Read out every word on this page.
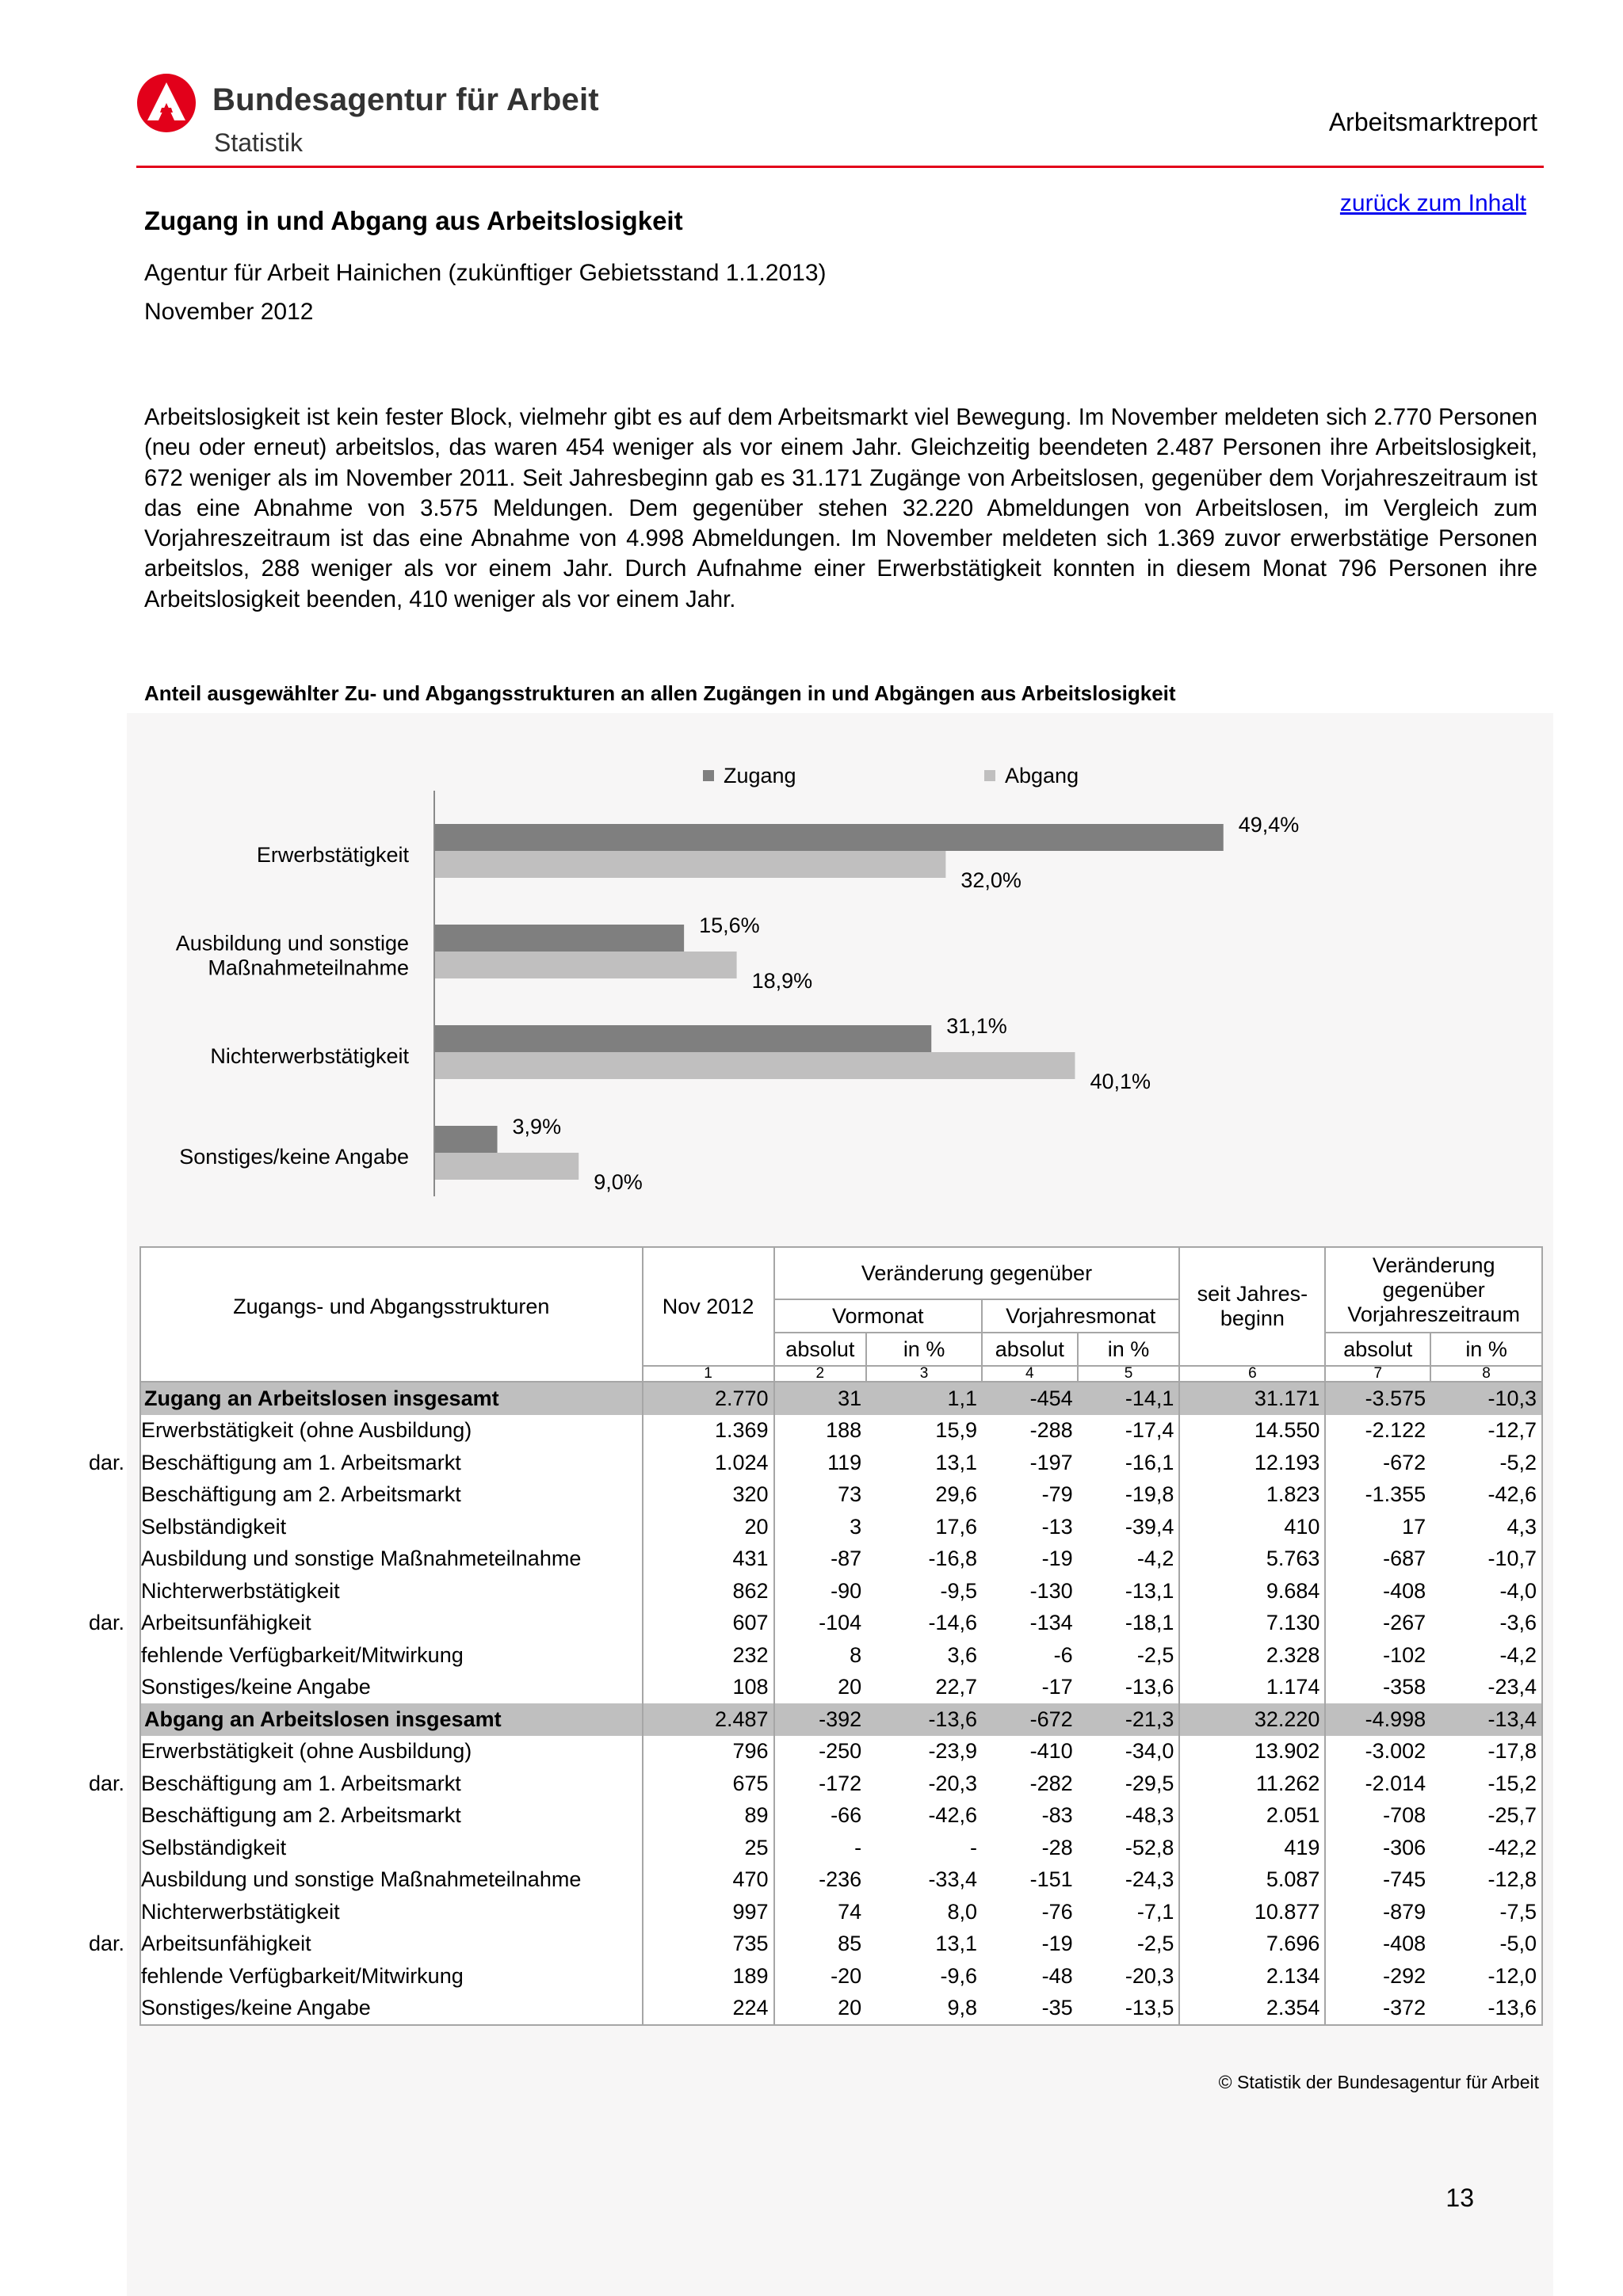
Bundesagentur für Arbeit
Statistik
Arbeitsmarktreport
zurück zum Inhalt
Zugang in und Abgang aus Arbeitslosigkeit
Agentur für Arbeit Hainichen (zukünftiger Gebietsstand 1.1.2013)
November 2012
Arbeitslosigkeit ist kein fester Block, vielmehr gibt es auf dem Arbeitsmarkt viel Bewegung. Im November meldeten sich 2.770 Personen (neu oder erneut) arbeitslos, das waren 454 weniger als vor einem Jahr. Gleichzeitig beendeten 2.487 Personen ihre Arbeitslosigkeit, 672 weniger als im November 2011. Seit Jahresbeginn gab es 31.171 Zugänge von Arbeitslosen, gegenüber dem Vorjahreszeitraum ist das eine Abnahme von 3.575 Meldungen. Dem gegenüber stehen 32.220 Abmeldungen von Arbeitslosen, im Vergleich zum Vorjahreszeitraum ist das eine Abnahme von 4.998 Abmeldungen. Im November meldeten sich 1.369 zuvor erwerbstätige Personen arbeitslos, 288 weniger als vor einem Jahr. Durch Aufnahme einer Erwerbstätigkeit konnten in diesem Monat 796 Personen ihre Arbeitslosigkeit beenden, 410 weniger als vor einem Jahr.
Anteil ausgewählter Zu- und Abgangsstrukturen an allen Zugängen in und Abgängen aus Arbeitslosigkeit
Zugang	Abgang
Erwerbstätigkeit
49,4%
32,0%
Ausbildung und sonstige
Maßnahmeteilnahme
15,6%
18,9%
Nichterwerbstätigkeit
31,1%
40,1%
Sonstiges/keine Angabe
3,9%
9,0%
Zugangs- und Abgangsstrukturen	Nov 2012	Veränderung gegenüber				seit Jahres-beginn	Veränderung gegenüber Vorjahreszeitraum	
		Vormonat		Vorjahresmonat				
		absolut	in %	absolut	in %		absolut	in %
	1	2	3	4	5	6	7	8
Zugang an Arbeitslosen insgesamt	2.770	31	1,1	-454	-14,1	31.171	-3.575	-10,3
Erwerbstätigkeit (ohne Ausbildung)	1.369	188	15,9	-288	-17,4	14.550	-2.122	-12,7
dar. Beschäftigung am 1. Arbeitsmarkt	1.024	119	13,1	-197	-16,1	12.193	-672	-5,2
Beschäftigung am 2. Arbeitsmarkt	320	73	29,6	-79	-19,8	1.823	-1.355	-42,6
Selbständigkeit	20	3	17,6	-13	-39,4	410	17	4,3
Ausbildung und sonstige Maßnahmeteilnahme	431	-87	-16,8	-19	-4,2	5.763	-687	-10,7
Nichterwerbstätigkeit	862	-90	-9,5	-130	-13,1	9.684	-408	-4,0
dar. Arbeitsunfähigkeit	607	-104	-14,6	-134	-18,1	7.130	-267	-3,6
fehlende Verfügbarkeit/Mitwirkung	232	8	3,6	-6	-2,5	2.328	-102	-4,2
Sonstiges/keine Angabe	108	20	22,7	-17	-13,6	1.174	-358	-23,4
Abgang an Arbeitslosen insgesamt	2.487	-392	-13,6	-672	-21,3	32.220	-4.998	-13,4
Erwerbstätigkeit (ohne Ausbildung)	796	-250	-23,9	-410	-34,0	13.902	-3.002	-17,8
dar. Beschäftigung am 1. Arbeitsmarkt	675	-172	-20,3	-282	-29,5	11.262	-2.014	-15,2
Beschäftigung am 2. Arbeitsmarkt	89	-66	-42,6	-83	-48,3	2.051	-708	-25,7
Selbständigkeit	25	-	-	-28	-52,8	419	-306	-42,2
Ausbildung und sonstige Maßnahmeteilnahme	470	-236	-33,4	-151	-24,3	5.087	-745	-12,8
Nichterwerbstätigkeit	997	74	8,0	-76	-7,1	10.877	-879	-7,5
dar. Arbeitsunfähigkeit	735	85	13,1	-19	-2,5	7.696	-408	-5,0
fehlende Verfügbarkeit/Mitwirkung	189	-20	-9,6	-48	-20,3	2.134	-292	-12,0
Sonstiges/keine Angabe	224	20	9,8	-35	-13,5	2.354	-372	-13,6
© Statistik der Bundesagentur für Arbeit
13
